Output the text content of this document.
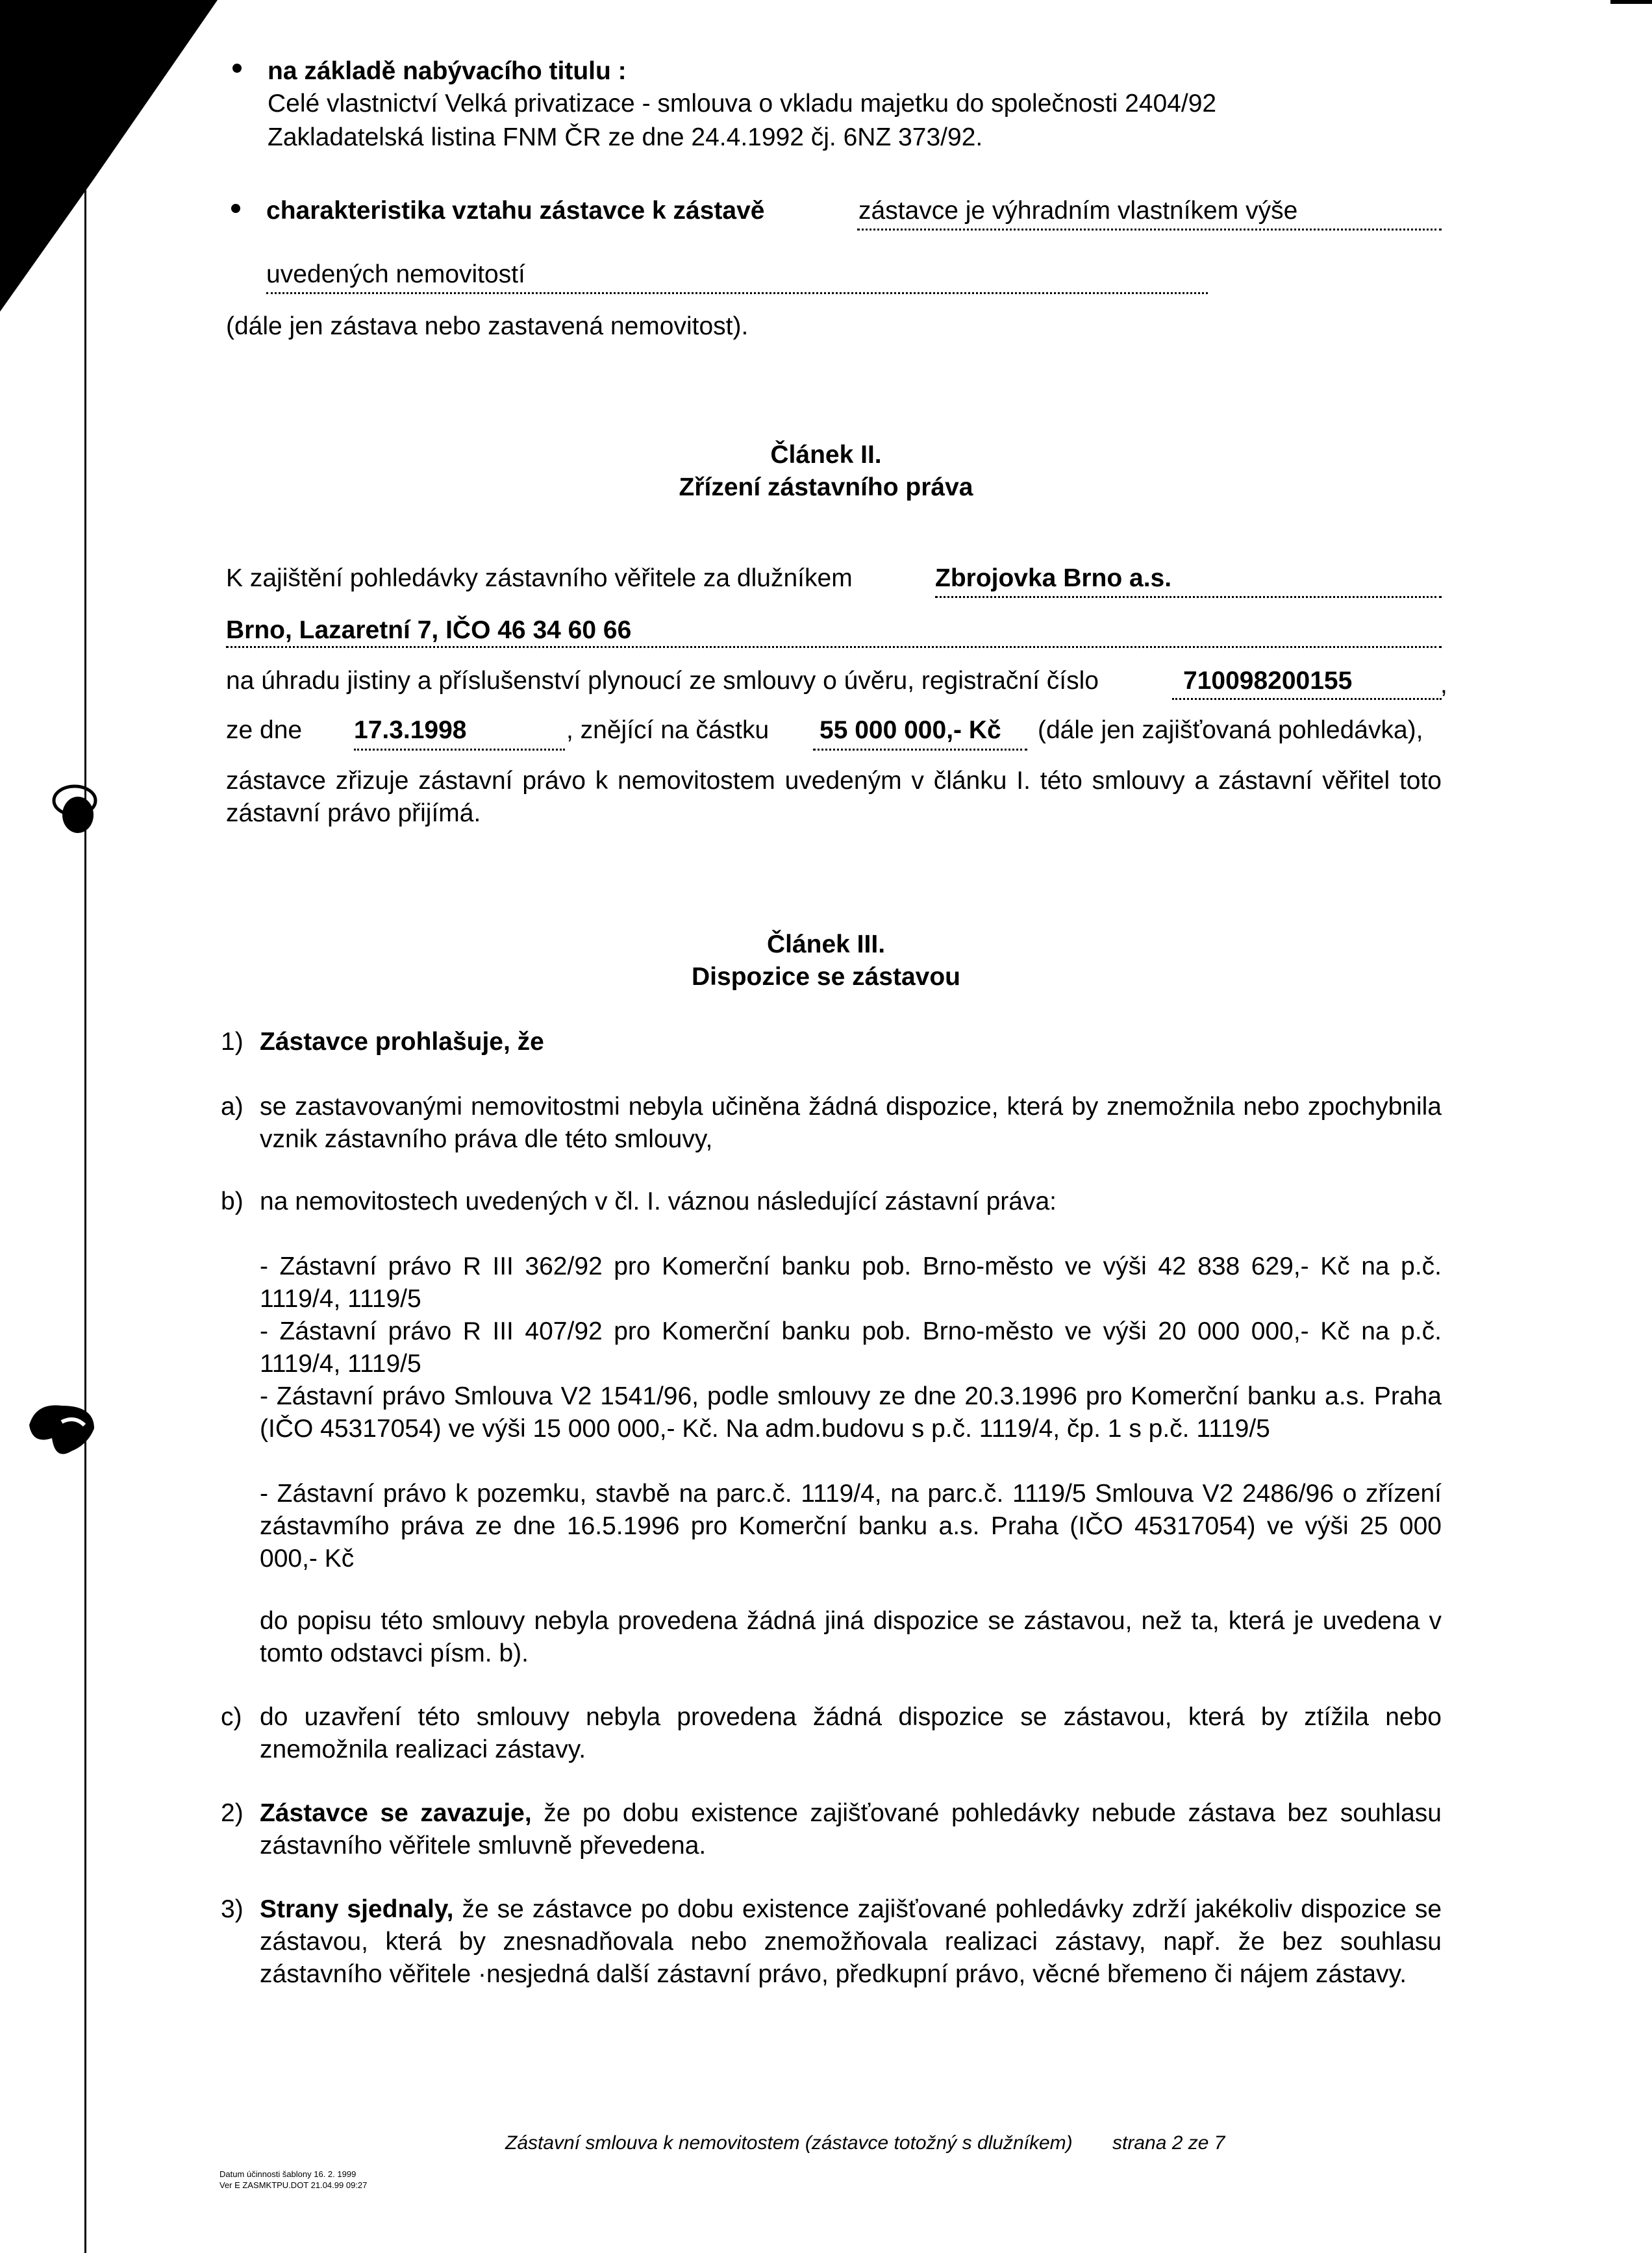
na základě nabývacího titulu :
Celé vlastnictví Velká privatizace - smlouva o vkladu majetku do společnosti 2404/92
Zakladatelská listina FNM ČR ze dne 24.4.1992 čj. 6NZ 373/92.
charakteristika vztahu zástavce k zástavě	zástavce je výhradním vlastníkem výše
uvedených nemovitostí
(dále jen zástava nebo zastavená nemovitost).
Článek II.
Zřízení zástavního práva
K zajištění pohledávky zástavního věřitele za dlužníkem	Zbrojovka Brno a.s.
Brno, Lazaretní 7, IČO 46 34 60 66
na úhradu jistiny a příslušenství plynoucí ze smlouvy o úvěru, registrační číslo	710098200155	,
ze dne 17.3.1998	, znějící na částku 55 000 000,- Kč (dále jen zajišťovaná pohledávka),
zástavce zřizuje zástavní právo k nemovitostem uvedeným v článku I. této smlouvy a zástavní věřitel toto zástavní právo přijímá.
Článek III.
Dispozice se zástavou
1) Zástavce prohlašuje, že
a) se zastavovanými nemovitostmi nebyla učiněna žádná dispozice, která by znemožnila nebo zpochybnila vznik zástavního práva dle této smlouvy,
b) na nemovitostech uvedených v čl. I. váznou následující zástavní práva:
- Zástavní právo R III 362/92 pro Komerční banku pob. Brno-město ve výši 42 838 629,- Kč na p.č. 1119/4, 1119/5
- Zástavní právo R III 407/92 pro Komerční banku pob. Brno-město ve výši 20 000 000,- Kč na p.č. 1119/4, 1119/5
- Zástavní právo Smlouva V2 1541/96, podle smlouvy ze dne 20.3.1996 pro Komerční banku a.s. Praha (IČO 45317054) ve výši 15 000 000,- Kč. Na adm.budovu s p.č. 1119/4, čp. 1 s p.č. 1119/5
- Zástavní právo k pozemku, stavbě na parc.č. 1119/4, na parc.č. 1119/5 Smlouva V2 2486/96 o zřízení zástavmího práva ze dne 16.5.1996 pro Komerční banku a.s. Praha (IČO 45317054) ve výši 25 000 000,- Kč
do popisu této smlouvy nebyla provedena žádná jiná dispozice se zástavou, než ta, která je uvedena v tomto odstavci písm. b).
c) do uzavření této smlouvy nebyla provedena žádná dispozice se zástavou, která by ztížila nebo znemožnila realizaci zástavy.
2) Zástavce se zavazuje, že po dobu existence zajišťované pohledávky nebude zástava bez souhlasu zástavního věřitele smluvně převedena.
3) Strany sjednaly, že se zástavce po dobu existence zajišťované pohledávky zdrží jakékoliv dispozice se zástavou, která by znesnadňovala nebo znemožňovala realizaci zástavy, např. že bez souhlasu zástavního věřitele ·nesjedná další zástavní právo, předkupní právo, věcné břemeno či nájem zástavy.
Zástavní smlouva k nemovitostem (zástavce totožný s dlužníkem) strana 2 ze 7
Datum účinnosti šablony 16. 2. 1999
Ver E ZASMKTPU.DOT 21.04.99 09:27
